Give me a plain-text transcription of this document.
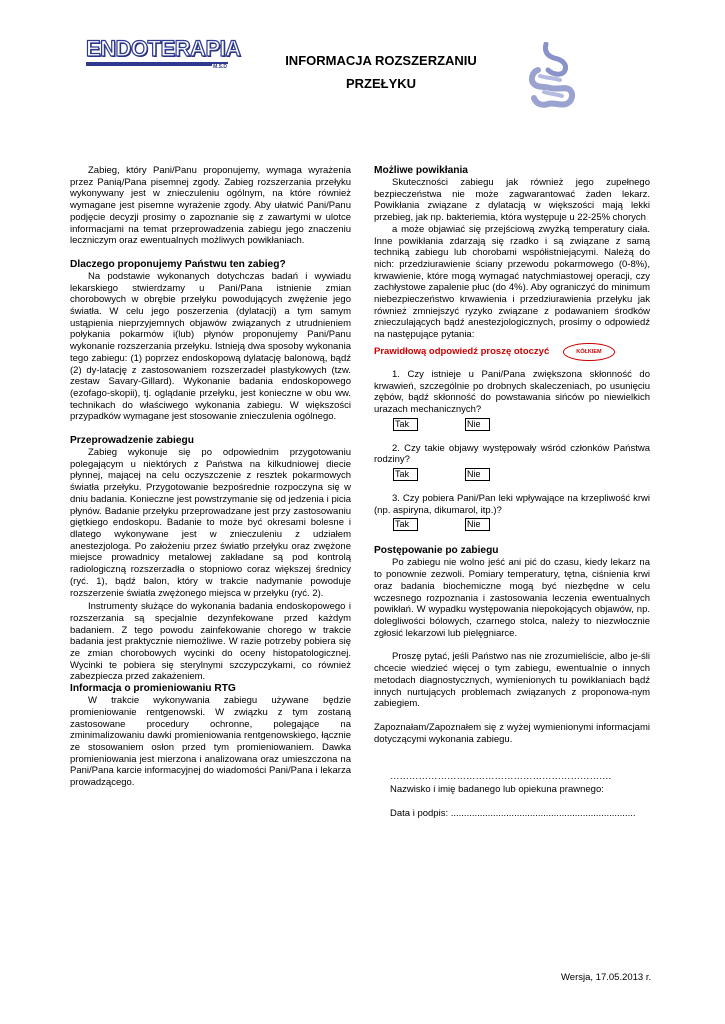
ENDOTERAPIA
M.S.D	INFORMACJA ROZSZERZANIU
PRZEŁYKU

Zabieg, który Pani/Panu proponujemy, wymaga wyrażenia przez Panią/Pana pisemnej zgody. Zabieg rozszerzania przełyku wykonywany jest w znieczuleniu ogólnym, na które również wymagane jest pisemne wyrażenie zgody. Aby ułatwić Pani/Panu podjęcie decyzji prosimy o zapoznanie się z zawartymi w ulotce informacjami na temat przeprowadzenia zabiegu jego znaczeniu leczniczym oraz ewentualnych możliwych powikłaniach.

Dlaczego proponujemy Państwu ten zabieg?

Na podstawie wykonanych dotychczas badań i wywiadu lekarskiego stwierdzamy u Pani/Pana istnienie zmian chorobowych w obrębie przełyku powodujących zwężenie jego światła. W celu jego poszerzenia (dylatacji) a tym samym ustąpienia nieprzyjemnych objawów związanych z utrudnieniem połykania pokarmów i(lub) płynów proponujemy Pani/Panu wykonanie rozszerzania przełyku. Istnieją dwa sposoby wykonania tego zabiegu: (1) poprzez endoskopową dylatację balonową, bądź (2) dy-latację z zastosowaniem rozszerzadeł plastykowych (tzw. zestaw Savary-Gillard). Wykonanie badania endoskopowego (ezofago-skopii), tj. oglądanie przełyku, jest konieczne w obu ww. technikach do właściwego wykonania zabiegu. W większości przypadków wymagane jest stosowanie znieczulenia ogólnego.

Przeprowadzenie zabiegu

Zabieg wykonuje się po odpowiednim przygotowaniu polegającym u niektórych z Państwa na kilkudniowej diecie płynnej, mającej na celu oczyszczenie z resztek pokarmowych światła przełyku. Przygotowanie bezpośrednie rozpoczyna się w dniu badania. Konieczne jest powstrzymanie się od jedzenia i picia płynów. Badanie przełyku przeprowadzane jest przy zastosowaniu giętkiego endoskopu. Badanie to może być okresami bolesne i dlatego wykonywane jest w znieczuleniu z udziałem anestezjologa. Po założeniu przez światło przełyku oraz zwężone miejsce prowadnicy metalowej zakładane są pod kontrolą radiologiczną rozszerzadła o stopniowo coraz większej średnicy (ryć. 1), bądź balon, który w trakcie nadymanie powoduje rozszerzenie światła zwężonego miejsca w przełyku (ryć. 2).

Instrumenty służące do wykonania badania endoskopowego i rozszerzania są specjalnie dezynfekowane przed każdym badaniem. Z tego powodu zainfekowanie chorego w trakcie badania jest praktycznie niemożliwe. W razie potrzeby pobiera się ze zmian chorobowych wycinki do oceny histopatologicznej. Wycinki te pobiera się sterylnymi szczypczykami, co również zabezpiecza przed zakażeniem.

Informacja o promieniowaniu RTG

W trakcie wykonywania zabiegu używane będzie promieniowanie rentgenowski. W związku z tym zostaną zastosowane procedury ochronne, polegające na zminimalizowaniu dawki promieniowania rentgenowskiego, łącznie ze stosowaniem osłon przed tym promieniowaniem. Dawka promieniowania jest mierzona i analizowana oraz umieszczona na Pani/Pana karcie informacyjnej do wiadomości Pani/Pana i lekarza prowadzącego.

Możliwe powikłania

Skuteczności zabiegu jak również jego zupełnego bezpieczeństwa nie może zagwarantować żaden lekarz. Powikłania związane z dylatacją w większości mają lekki przebieg, jak np. bakteriemia, która występuje u 22-25% chorych

a może objawiać się przejściową zwyżką temperatury ciała. Inne powikłania zdarzają się rzadko i są związane z samą techniką zabiegu lub chorobami współistniejącymi. Należą do nich: przedziurawienie ściany przewodu pokarmowego (0-8%), krwawienie, które mogą wymagać natychmiastowej operacji, czy zachłystowe zapalenie płuc (do 4%). Aby ograniczyć do minimum niebezpieczeństwo krwawienia i przedziurawienia przełyku jak również zmniejszyć ryzyko związane z podawaniem środków znieczulających bądź anestezjologicznych, prosimy o odpowiedź na następujące pytania:

Prawidłową odpowiedź proszę otoczyć	KÓŁKIEM

1. Czy istnieje u Pani/Pana zwiększona skłonność do krwawień, szczególnie po drobnych skaleczeniach, po usunięciu zębów, bądź skłonność do powstawania sińców po niewielkich urazach mechanicznych?

Tak	Nie

2. Czy takie objawy występowały wśród członków Państwa rodziny?

Tak	Nie

3. Czy pobiera Pani/Pan leki wpływające na krzepliwość krwi (np. aspiryna, dikumarol, itp.)?

Tak	Nie
Postępowanie po zabiegu

Po zabiegu nie wolno jeść ani pić do czasu, kiedy lekarz na to ponownie zezwoli. Pomiary temperatury, tętna, ciśnienia krwi oraz badania biochemiczne mogą być niezbędne w celu wczesnego rozpoznania i zastosowania leczenia ewentualnych powikłań. W wypadku występowania niepokojących objawów, np. dolegliwości bólowych, czarnego stolca, należy to niezwłocznie zgłosić lekarzowi lub pielęgniarce.

Proszę pytać, jeśli Państwo nas nie zrozumieliście, albo je-śli chcecie wiedzieć więcej o tym zabiegu, ewentualnie o innych metodach diagnostycznych, wymienionych tu powikłaniach bądź innych nurtujących problemach związanych z proponowa-nym zabiegiem.

Zapoznałam/Zapoznałem się z wyżej wymienionymi informacjami dotyczącymi wykonania zabiegu.

…………………………………………………………….

Nazwisko i imię badanego lub opiekuna prawnego:

Data i podpis: ......................................................................

Wersja, 17.05.2013 r.
